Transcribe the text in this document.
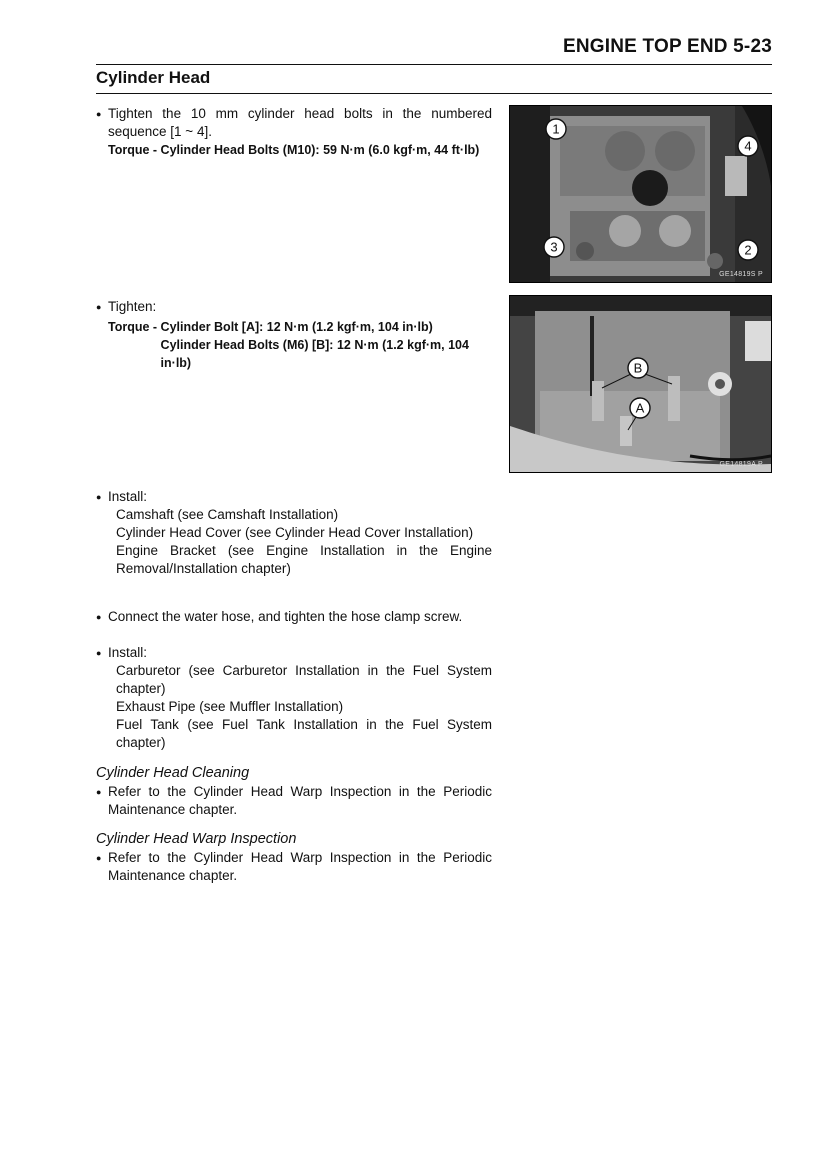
ENGINE TOP END 5-23
Cylinder Head
● Tighten the 10 mm cylinder head bolts in the numbered sequence [1 ~ 4].
Torque - Cylinder Head Bolts (M10): 59 N·m (6.0 kgf·m, 44 ft·lb)
1
2
3
4
GE14819S P
● Tighten:
Torque - Cylinder Bolt [A]: 12 N·m (1.2 kgf·m, 104 in·lb)
Cylinder Head Bolts (M6) [B]: 12 N·m (1.2 kgf·m, 104 in·lb)	B
A
GE14819A P
● Install:
Camshaft (see Camshaft Installation)
Cylinder Head Cover (see Cylinder Head Cover Installation)
Engine Bracket (see Engine Installation in the Engine Removal/Installation chapter)
● Connect the water hose, and tighten the hose clamp screw.
● Install:
Carburetor (see Carburetor Installation in the Fuel System chapter)
Exhaust Pipe (see Muffler Installation)
Fuel Tank (see Fuel Tank Installation in the Fuel System chapter)
Cylinder Head Cleaning
● Refer to the Cylinder Head Warp Inspection in the Periodic Maintenance chapter.
Cylinder Head Warp Inspection
● Refer to the Cylinder Head Warp Inspection in the Periodic Maintenance chapter.
